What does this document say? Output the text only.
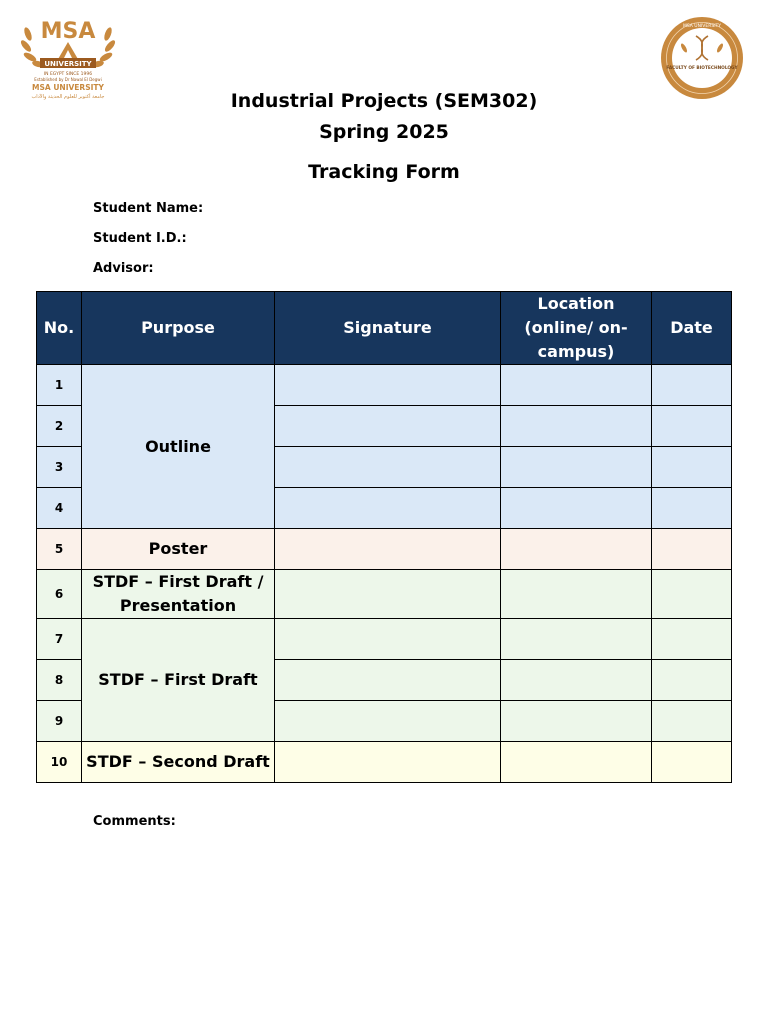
MSA
UNIVERSITY
IN EGYPT SINCE 1996
Established by Dr Nawal El Degwi
MSA UNIVERSITY
جامعة أكتوبر للعلوم الحديثة والآداب
FACULTY OF BIOTECHNOLOGY
MSA UNIVERSITY
Industrial Projects (SEM302)
Spring 2025
Tracking Form
Student Name:
Student I.D.:
Advisor:
No.	Purpose	Signature	Location (online/ on-campus)	Date
1	Outline			
2				
3				
4				
5	Poster			
6	STDF – First Draft / Presentation			
7	STDF – First Draft			
8				
9				
10	STDF – Second Draft			
Comments:
